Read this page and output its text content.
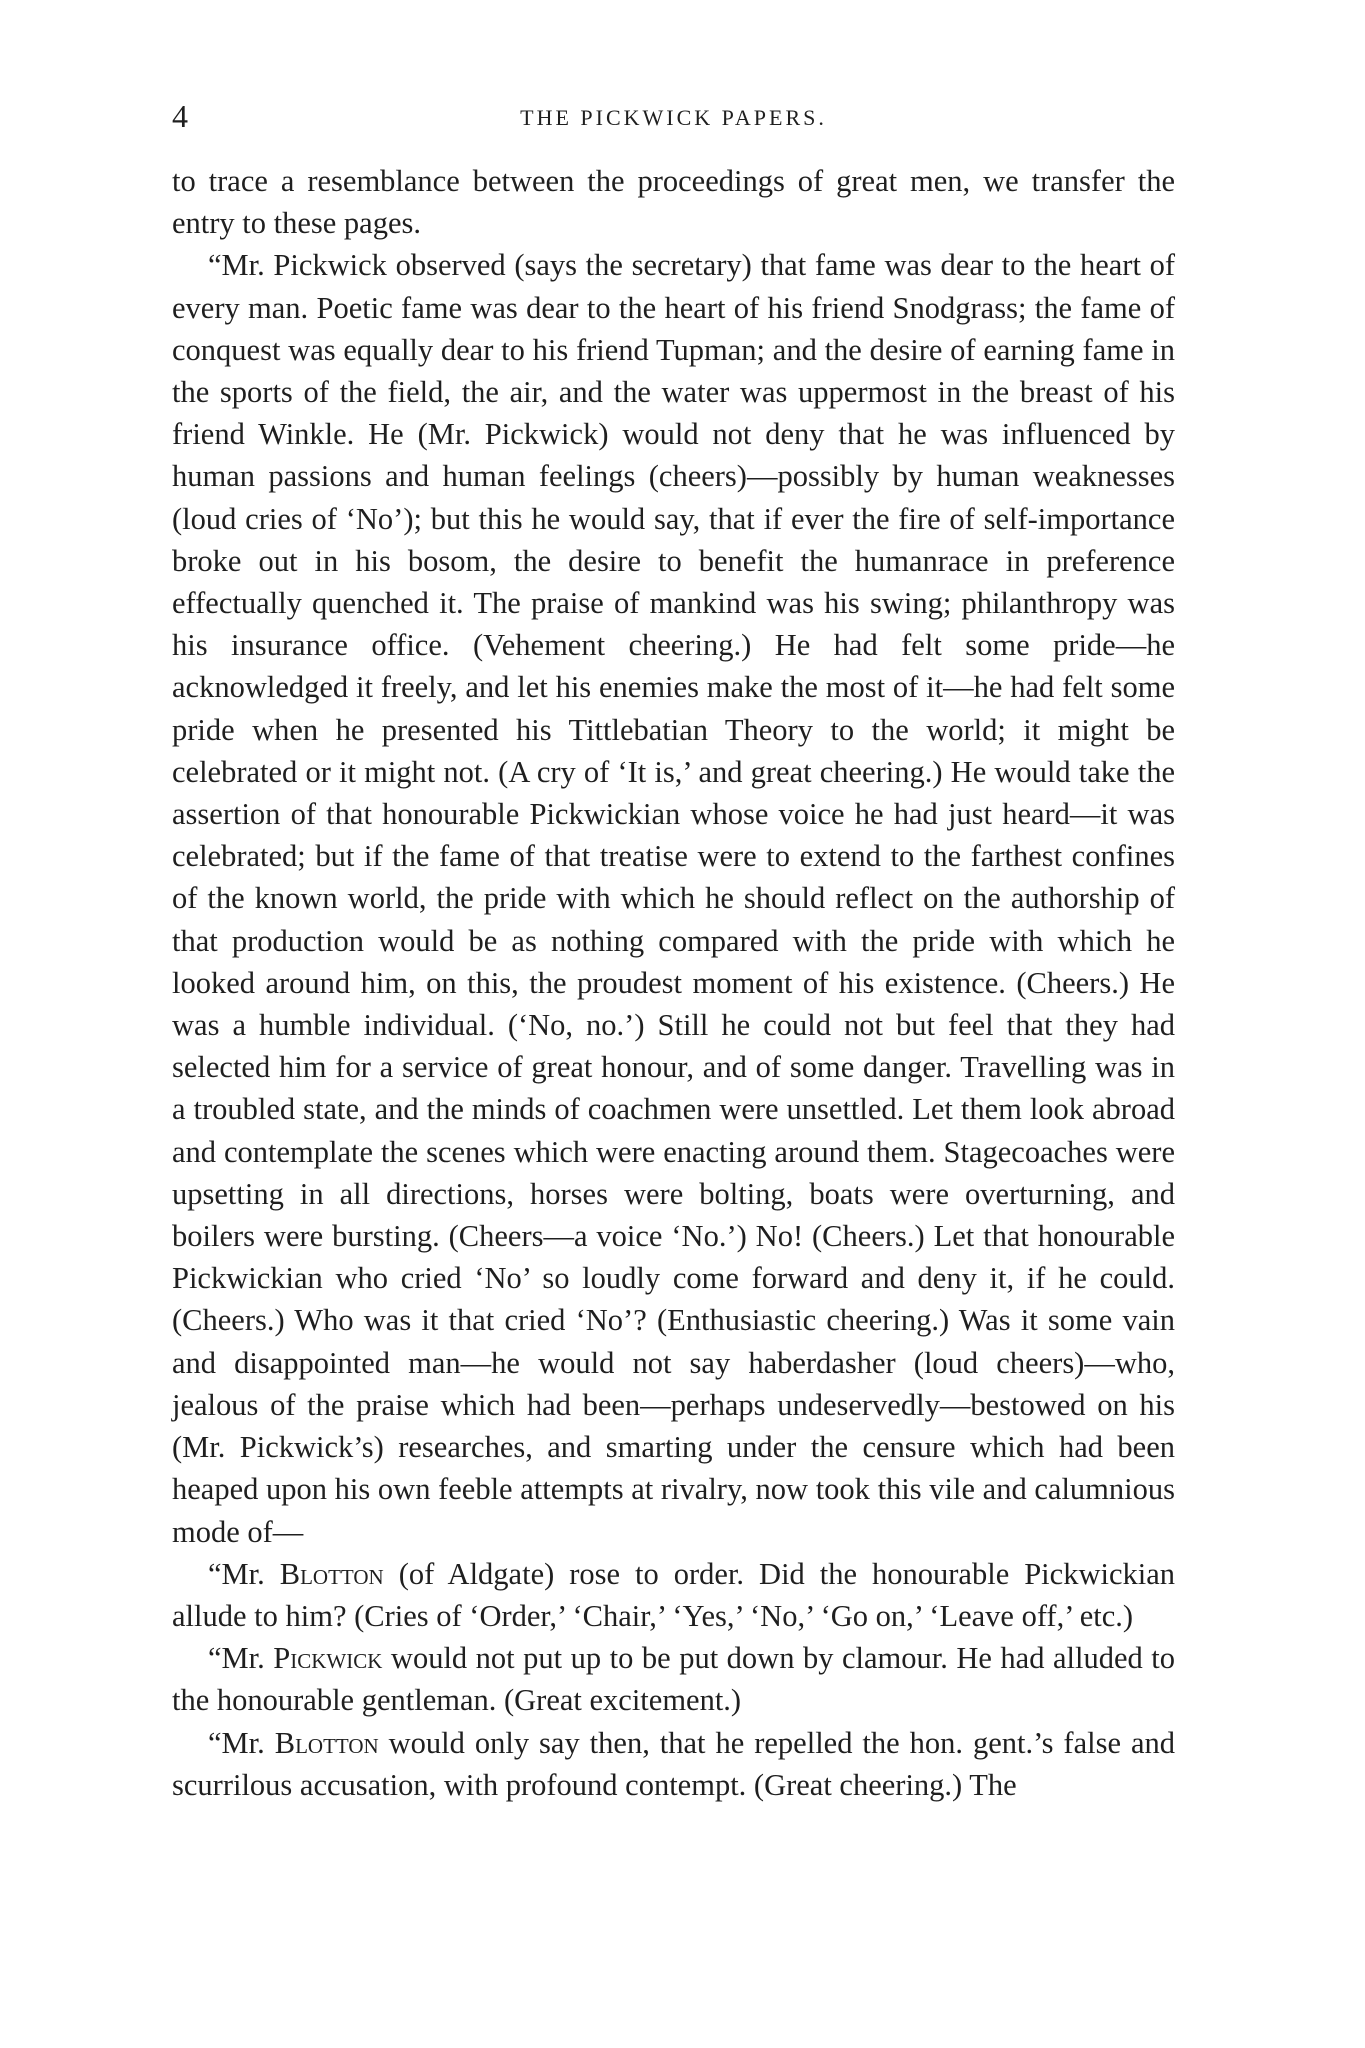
4	THE PICKWICK PAPERS.

to trace a resemblance between the proceedings of great men, we transfer the entry to these pages.

“Mr. Pickwick observed (says the secretary) that fame was dear to the heart of every man. Poetic fame was dear to the heart of his friend Snodgrass; the fame of conquest was equally dear to his friend Tupman; and the desire of earning fame in the sports of the field, the air, and the water was uppermost in the breast of his friend Winkle. He (Mr. Pickwick) would not deny that he was influenced by human passions and human feelings (cheers)—possibly by human weaknesses (loud cries of ‘No’); but this he would say, that if ever the fire of self-importance broke out in his bosom, the desire to benefit the humanrace in preference effectually quenched it. The praise of mankind was his swing; philanthropy was his insurance office. (Vehement cheering.) He had felt some pride—he acknowledged it freely, and let his enemies make the most of it—he had felt some pride when he presented his Tittlebatian Theory to the world; it might be celebrated or it might not. (A cry of ‘It is,’ and great cheering.) He would take the assertion of that honourable Pickwickian whose voice he had just heard—it was celebrated; but if the fame of that treatise were to extend to the farthest confines of the known world, the pride with which he should reflect on the authorship of that production would be as nothing compared with the pride with which he looked around him, on this, the proudest moment of his existence. (Cheers.) He was a humble individual. (‘No, no.’) Still he could not but feel that they had selected him for a service of great honour, and of some danger. Travelling was in a troubled state, and the minds of coachmen were unsettled. Let them look abroad and contemplate the scenes which were enacting around them. Stagecoaches were upsetting in all directions, horses were bolting, boats were overturning, and boilers were bursting. (Cheers—a voice ‘No.’) No! (Cheers.) Let that honourable Pickwickian who cried ‘No’ so loudly come forward and deny it, if he could. (Cheers.) Who was it that cried ‘No’? (Enthusiastic cheering.) Was it some vain and disappointed man—he would not say haberdasher (loud cheers)—who, jealous of the praise which had been—perhaps undeservedly—bestowed on his (Mr. Pickwick’s) researches, and smarting under the censure which had been heaped upon his own feeble attempts at rivalry, now took this vile and calumnious mode of—

“Mr. Blotton (of Aldgate) rose to order. Did the honourable Pickwickian allude to him? (Cries of ‘Order,’ ‘Chair,’ ‘Yes,’ ‘No,’ ‘Go on,’ ‘Leave off,’ etc.)

“Mr. Pickwick would not put up to be put down by clamour. He had alluded to the honourable gentleman. (Great excitement.)

“Mr. Blotton would only say then, that he repelled the hon. gent.’s false and scurrilous accusation, with profound contempt. (Great cheering.) The
